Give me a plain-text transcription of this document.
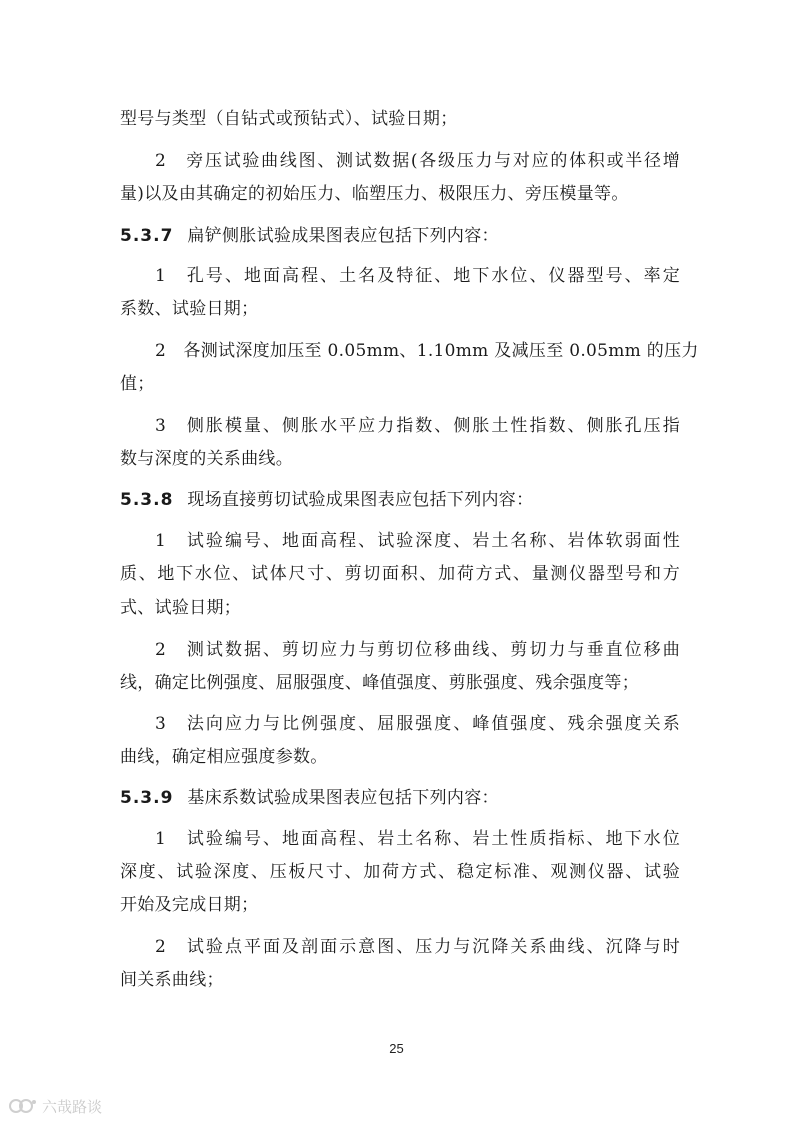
型号与类型（自钻式或预钻式）、试验日期；
2　旁压试验曲线图、测试数据(各级压力与对应的体积或半径增
量)以及由其确定的初始压力、临塑压力、极限压力、旁压模量等。
5.3.7 扁铲侧胀试验成果图表应包括下列内容：
1　孔号、地面高程、土名及特征、地下水位、仪器型号、率定
系数、试验日期；
2　各测试深度加压至 0.05mm、1.10mm 及减压至 0.05mm 的压力
值；
3　侧胀模量、侧胀水平应力指数、侧胀土性指数、侧胀孔压指
数与深度的关系曲线。
5.3.8 现场直接剪切试验成果图表应包括下列内容：
1　试验编号、地面高程、试验深度、岩土名称、岩体软弱面性
质、地下水位、试体尺寸、剪切面积、加荷方式、量测仪器型号和方
式、试验日期；
2　测试数据、剪切应力与剪切位移曲线、剪切力与垂直位移曲
线，确定比例强度、屈服强度、峰值强度、剪胀强度、残余强度等；
3　法向应力与比例强度、屈服强度、峰值强度、残余强度关系
曲线，确定相应强度参数。
5.3.9 基床系数试验成果图表应包括下列内容：
1　试验编号、地面高程、岩土名称、岩土性质指标、地下水位
深度、试验深度、压板尺寸、加荷方式、稳定标准、观测仪器、试验
开始及完成日期；
2　试验点平面及剖面示意图、压力与沉降关系曲线、沉降与时
间关系曲线；
25
六哉路谈
